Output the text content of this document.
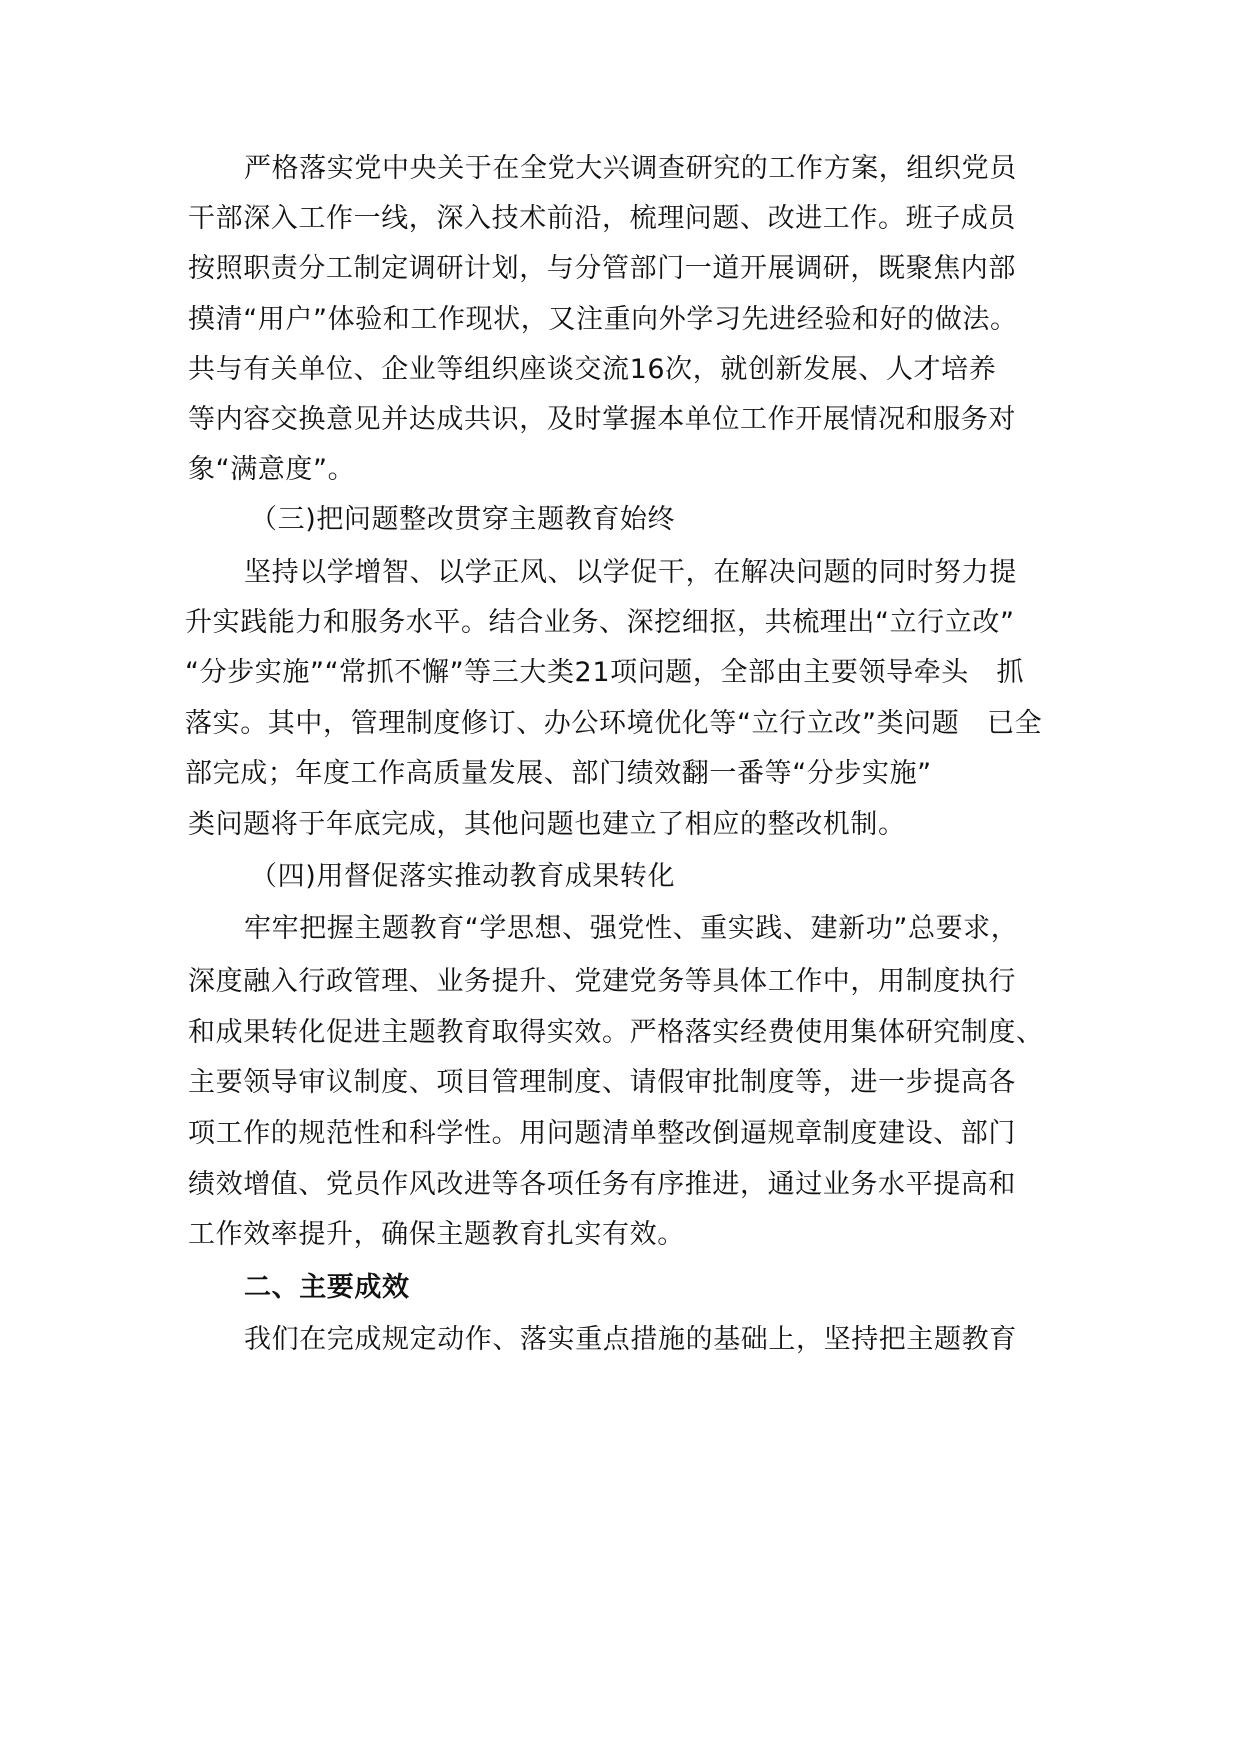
严格落实党中央关于在全党大兴调查研究的工作方案，组织党员
干部深入工作一线，深入技术前沿，梳理问题、改进工作。班子成员
按照职责分工制定调研计划，与分管部门一道开展调研，既聚焦内部
摸清“用户”体验和工作现状，又注重向外学习先进经验和好的做法。
共与有关单位、企业等组织座谈交流16次，就创新发展、人才培养
等内容交换意见并达成共识，及时掌握本单位工作开展情况和服务对
象“满意度”。
（三)把问题整改贯穿主题教育始终
坚持以学增智、以学正风、以学促干，在解决问题的同时努力提
升实践能力和服务水平。结合业务、深挖细抠，共梳理出“立行立改”
“分步实施”“常抓不懈”等三大类21项问题，全部由主要领导牵头　抓
落实。其中，管理制度修订、办公环境优化等“立行立改”类问题　已全
部完成；年度工作高质量发展、部门绩效翻一番等“分步实施”
类问题将于年底完成，其他问题也建立了相应的整改机制。
（四)用督促落实推动教育成果转化
牢牢把握主题教育“学思想、强党性、重实践、建新功”总要求，
深度融入行政管理、业务提升、党建党务等具体工作中，用制度执行
和成果转化促进主题教育取得实效。严格落实经费使用集体研究制度、
主要领导审议制度、项目管理制度、请假审批制度等，进一步提高各
项工作的规范性和科学性。用问题清单整改倒逼规章制度建设、部门
绩效增值、党员作风改进等各项任务有序推进，通过业务水平提高和
工作效率提升，确保主题教育扎实有效。
二、主要成效
我们在完成规定动作、落实重点措施的基础上，坚持把主题教育
